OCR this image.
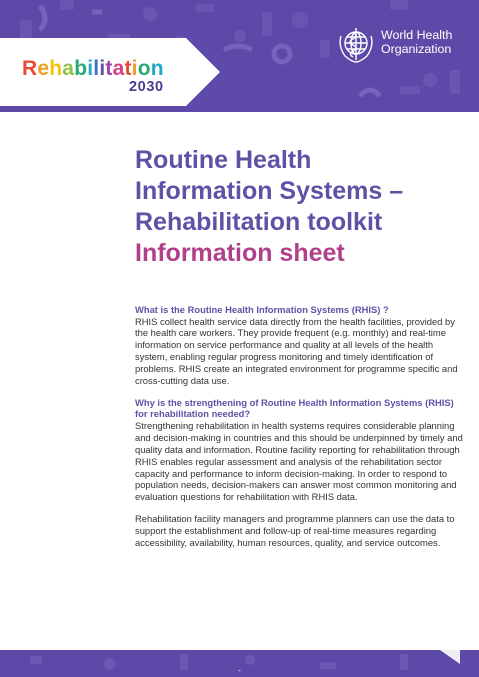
Rehabilitation
2030
World Health
Organization
Routine Health
Information Systems –
Rehabilitation toolkit
Information sheet

What is the Routine Health Information Systems (RHIS) ?

RHIS collect health service data directly from the health facilities, provided by the health care workers. They provide frequent (e.g. monthly) and real-time information on service performance and quality at all levels of the health system, enabling regular progress monitoring and timely identification of problems. RHIS create an integrated environment for programme specific and cross-cutting data use.

Why is the strengthening of Routine Health Information Systems (RHIS) for rehabilitation needed?

Strengthening rehabilitation in health systems requires considerable planning and decision-making in countries and this should be underpinned by timely and quality data and information. Routine facility reporting for rehabilitation through RHIS enables regular assessment and analysis of the rehabilitation sector capacity and performance to inform decision-making. In order to respond to population needs, decision-makers can answer most common monitoring and evaluation questions for rehabilitation with RHIS data.

Rehabilitation facility managers and programme planners can use the data to support the establishment and follow-up of real-time measures regarding accessibility, availability, human resources, quality, and service outcomes.

-
